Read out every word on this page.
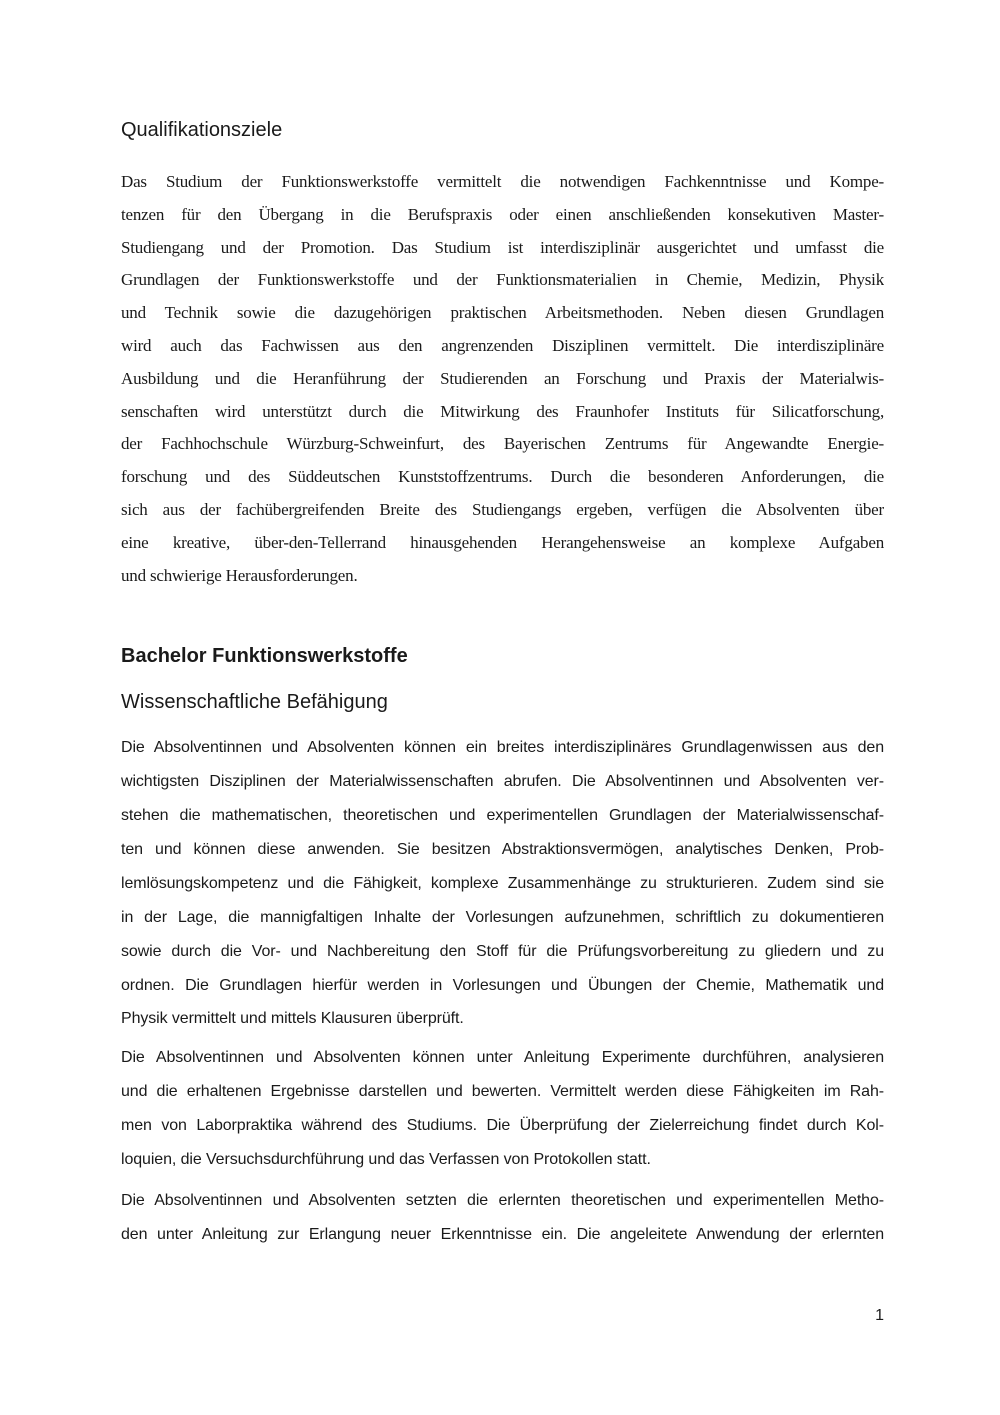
Qualifikationsziele
Das Studium der Funktionswerkstoffe vermittelt die notwendigen Fachkenntnisse und Kompe-
tenzen für den Übergang in die Berufspraxis oder einen anschließenden konsekutiven Master-
Studiengang und der Promotion. Das Studium ist interdisziplinär ausgerichtet und umfasst die
Grundlagen der Funktionswerkstoffe und der Funktionsmaterialien in Chemie, Medizin, Physik
und Technik sowie die dazugehörigen praktischen Arbeitsmethoden. Neben diesen Grundlagen
wird auch das Fachwissen aus den angrenzenden Disziplinen vermittelt. Die interdisziplinäre
Ausbildung und die Heranführung der Studierenden an Forschung und Praxis der Materialwis-
senschaften wird unterstützt durch die Mitwirkung des Fraunhofer Instituts für Silicatforschung,
der Fachhochschule Würzburg-Schweinfurt, des Bayerischen Zentrums für Angewandte Energie-
forschung und des Süddeutschen Kunststoffzentrums. Durch die besonderen Anforderungen, die
sich aus der fachübergreifenden Breite des Studiengangs ergeben, verfügen die Absolventen über
eine kreative, über-den-Tellerrand hinausgehenden Herangehensweise an komplexe Aufgaben
und schwierige Herausforderungen.
Bachelor Funktionswerkstoffe
Wissenschaftliche Befähigung
Die Absolventinnen und Absolventen können ein breites interdisziplinäres Grundlagenwissen aus den
wichtigsten Disziplinen der Materialwissenschaften abrufen. Die Absolventinnen und Absolventen ver-
stehen die mathematischen, theoretischen und experimentellen Grundlagen der Materialwissenschaf-
ten und können diese anwenden. Sie besitzen Abstraktionsvermögen, analytisches Denken, Prob-
lemlösungskompetenz und die Fähigkeit, komplexe Zusammenhänge zu strukturieren. Zudem sind sie
in der Lage, die mannigfaltigen Inhalte der Vorlesungen aufzunehmen, schriftlich zu dokumentieren
sowie durch die Vor- und Nachbereitung den Stoff für die Prüfungsvorbereitung zu gliedern und zu
ordnen. Die Grundlagen hierfür werden in Vorlesungen und Übungen der Chemie, Mathematik und
Physik vermittelt und mittels Klausuren überprüft.
Die Absolventinnen und Absolventen können unter Anleitung Experimente durchführen, analysieren
und die erhaltenen Ergebnisse darstellen und bewerten. Vermittelt werden diese Fähigkeiten im Rah-
men von Laborpraktika während des Studiums. Die Überprüfung der Zielerreichung findet durch Kol-
loquien, die Versuchsdurchführung und das Verfassen von Protokollen statt.
Die Absolventinnen und Absolventen setzten die erlernten theoretischen und experimentellen Metho-
den unter Anleitung zur Erlangung neuer Erkenntnisse ein. Die angeleitete Anwendung der erlernten
1
